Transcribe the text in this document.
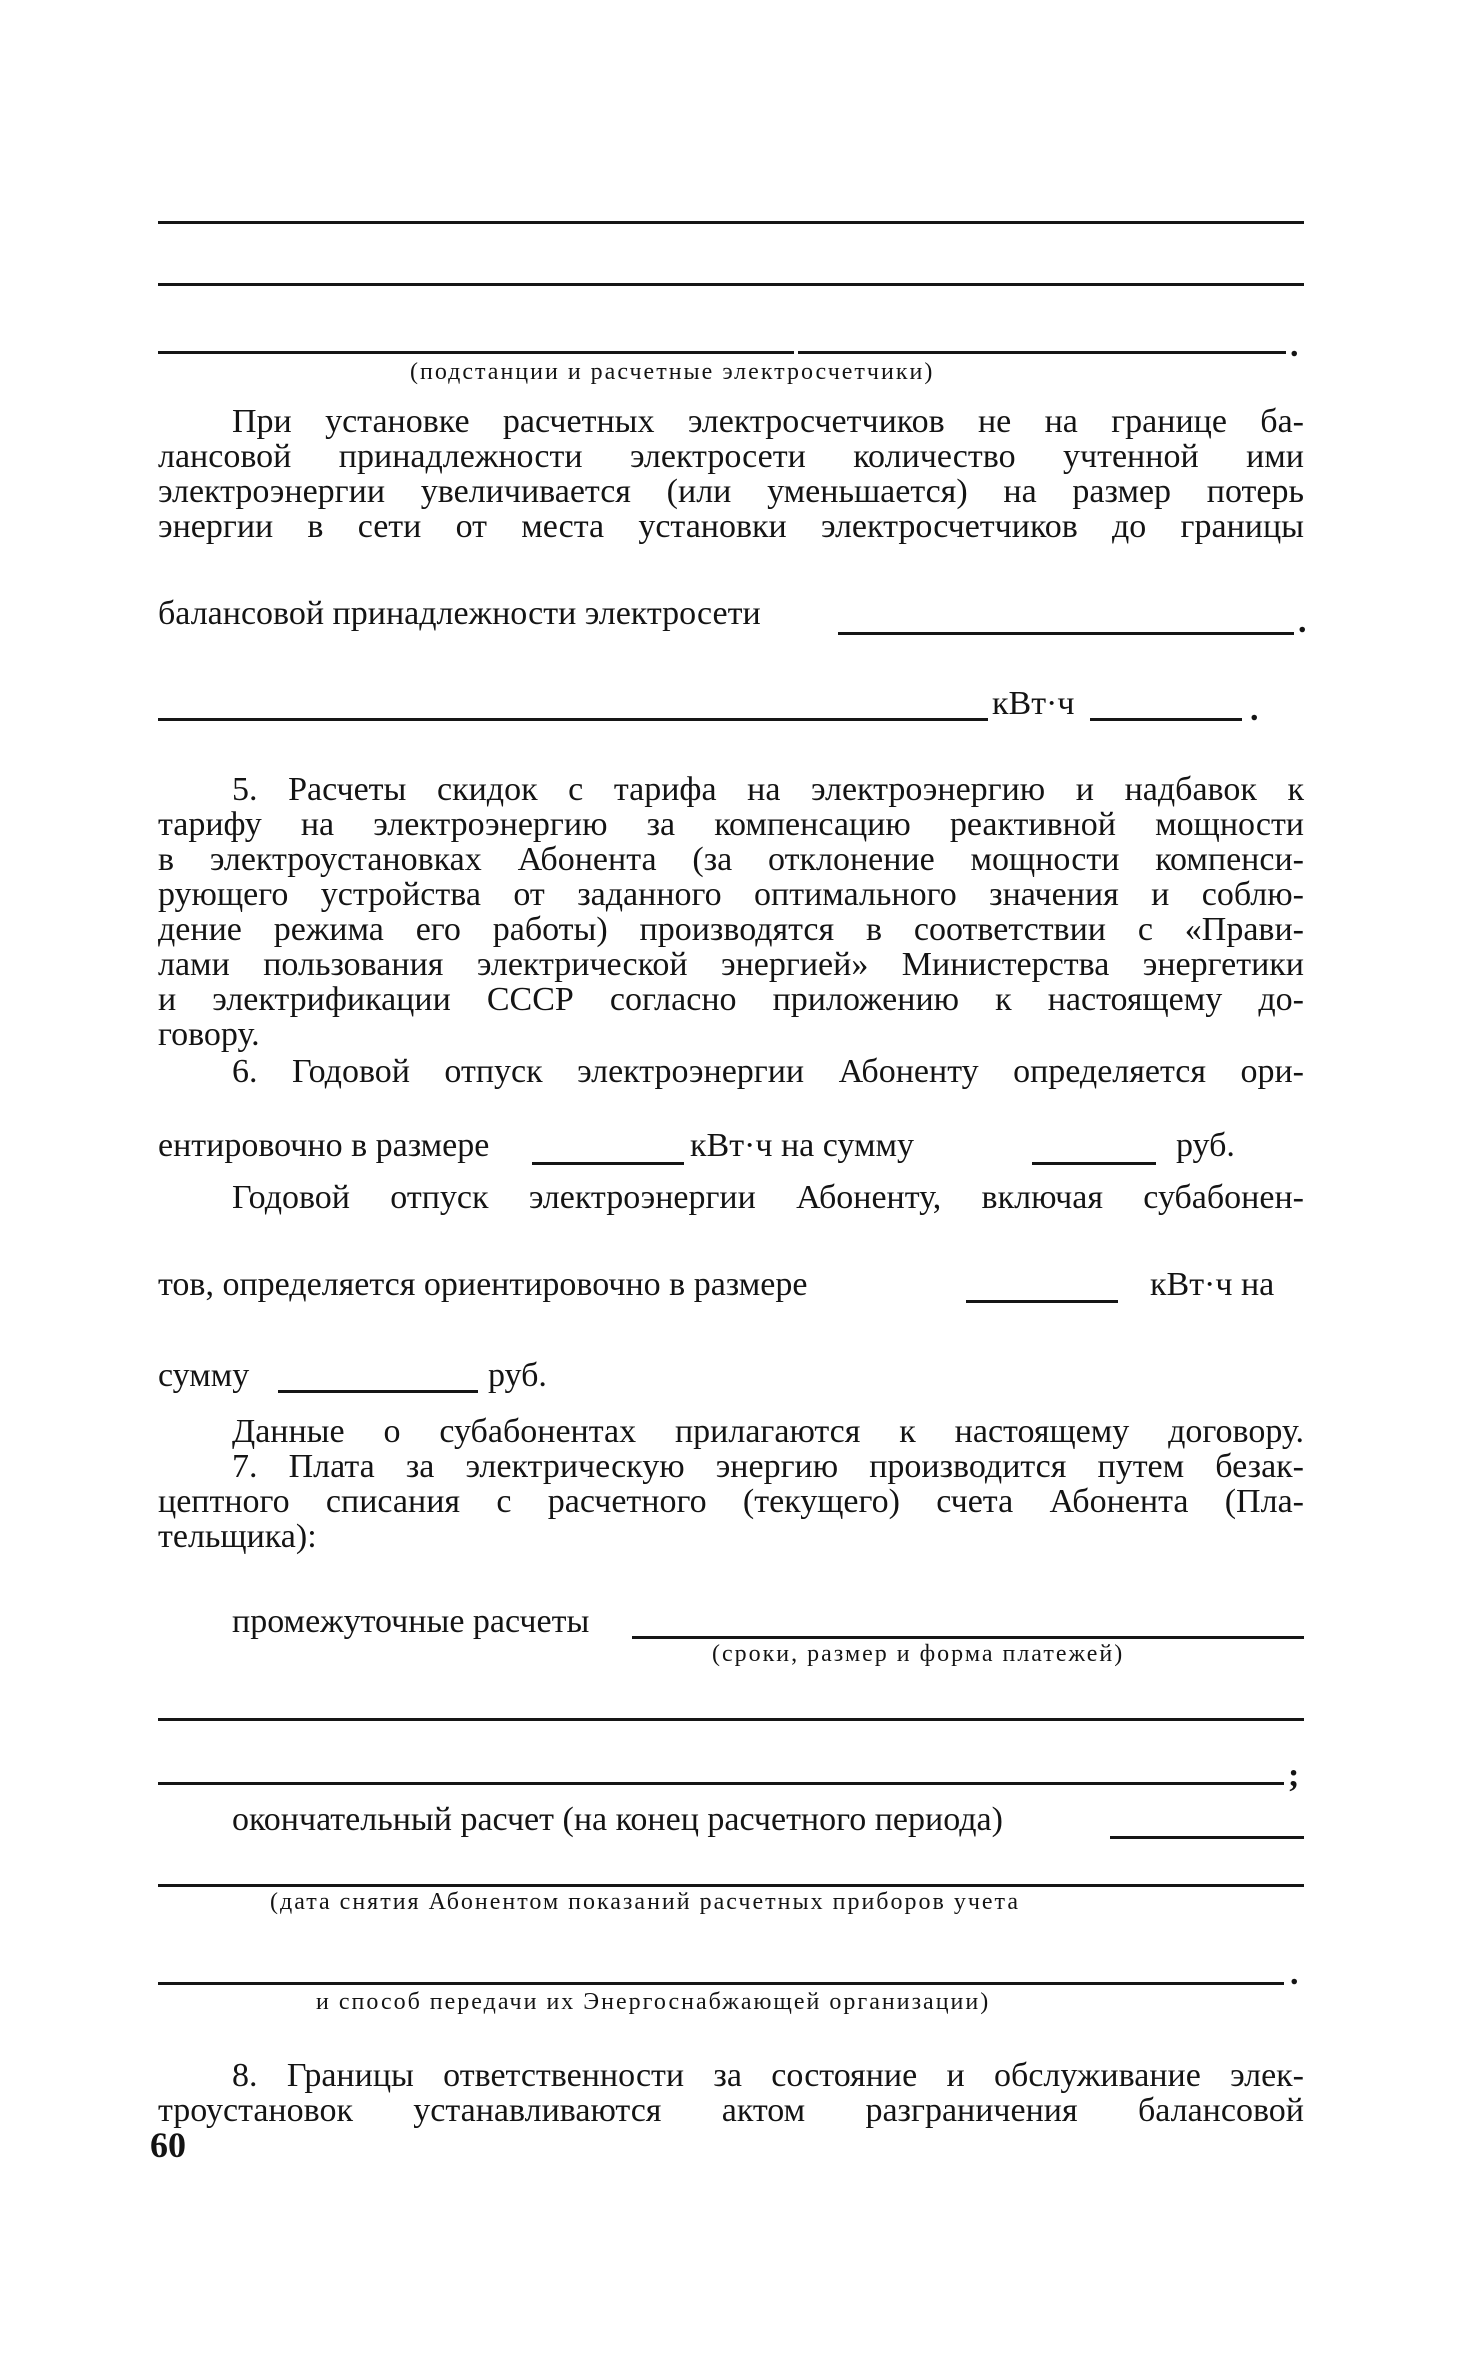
.
(подстанции и расчетные электросчетчики)
При установке расчетных электросчетчиков не на границе ба-
лансовой принадлежности электросети количество учтенной ими
электроэнергии увеличивается (или уменьшается) на размер потерь
энергии в сети от места установки электросчетчиков до границы
балансовой принадлежности электросети	.
кВт·ч	.
5. Расчеты скидок с тарифа на электроэнергию и надбавок к
тарифу на электроэнергию за компенсацию реактивной мощности
в электроустановках Абонента (за отклонение мощности компенси-
рующего устройства от заданного оптимального значения и соблю-
дение режима его работы) производятся в соответствии с «Прави-
лами пользования электрической энергией» Министерства энергетики
и электрификации СССР согласно приложению к настоящему до-
говору.
6. Годовой отпуск электроэнергии Абоненту определяется ори-
ентировочно в размере	кВт·ч на сумму	руб.
Годовой отпуск электроэнергии Абоненту, включая субабонен-
тов, определяется ориентировочно в размере	кВт·ч на
сумму	руб.
Данные о субабонентах прилагаются к настоящему договору.
7. Плата за электрическую энергию производится путем безак-
цептного списания с расчетного (текущего) счета Абонента (Пла-
тельщика):
промежуточные расчеты
(сроки, размер и форма платежей)
;
окончательный расчет (на конец расчетного периода)
(дата снятия Абонентом показаний расчетных приборов учета
.
и способ передачи их Энергоснабжающей организации)
8. Границы ответственности за состояние и обслуживание элек-
троустановок устанавливаются актом разграничения балансовой
60
